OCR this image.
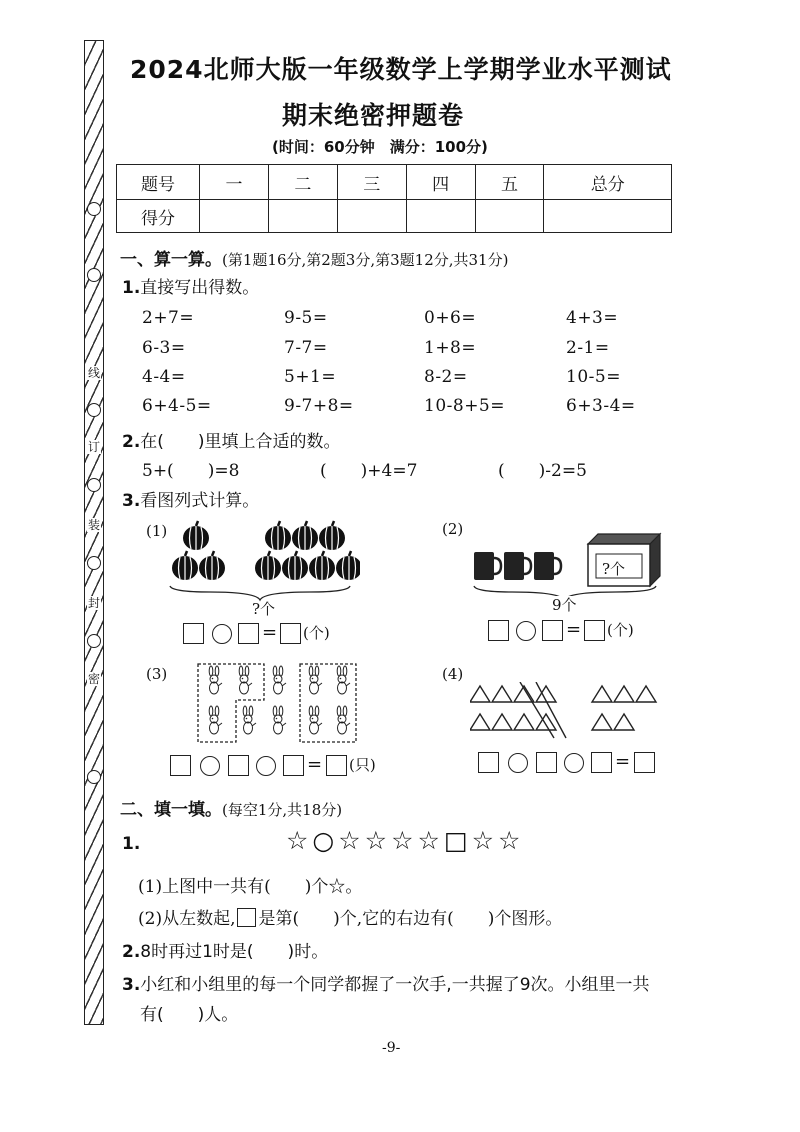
线
订
装
封
密
2024北师大版一年级数学上学期学业水平测试
期末绝密押题卷
(时间：60分钟　满分：100分)
题号	一	二	三	四	五	总分
得分						
一、算一算。(第1题16分,第2题3分,第3题12分,共31分)
1.直接写出得数。
2+7=	9-5=	0+6=	4+3=
6-3=	7-7=	1+8=	2-1=
4-4=	5+1=	8-2=	10-5=
6+4-5=	9-7+8=	10-8+5=	6+3-4=
2.在(　　)里填上合适的数。
5+(　　)=8	(　　)+4=7	(　　)-2=5
3.看图列式计算。
(1)
?个
= (个)
(2)
?个
9个
= (个)
(3)
= (只)
(4)
=
二、填一填。(每空1分,共18分)
1.	☆○☆☆☆☆□☆☆
(1)上图中一共有(　　)个☆。
(2)从左数起, 是第(　　)个,它的右边有(　　)个图形。
2.8时再过1时是(　　)时。
3.小红和小组里的每一个同学都握了一次手,一共握了9次。小组里一共
有(　　)人。
-9-
